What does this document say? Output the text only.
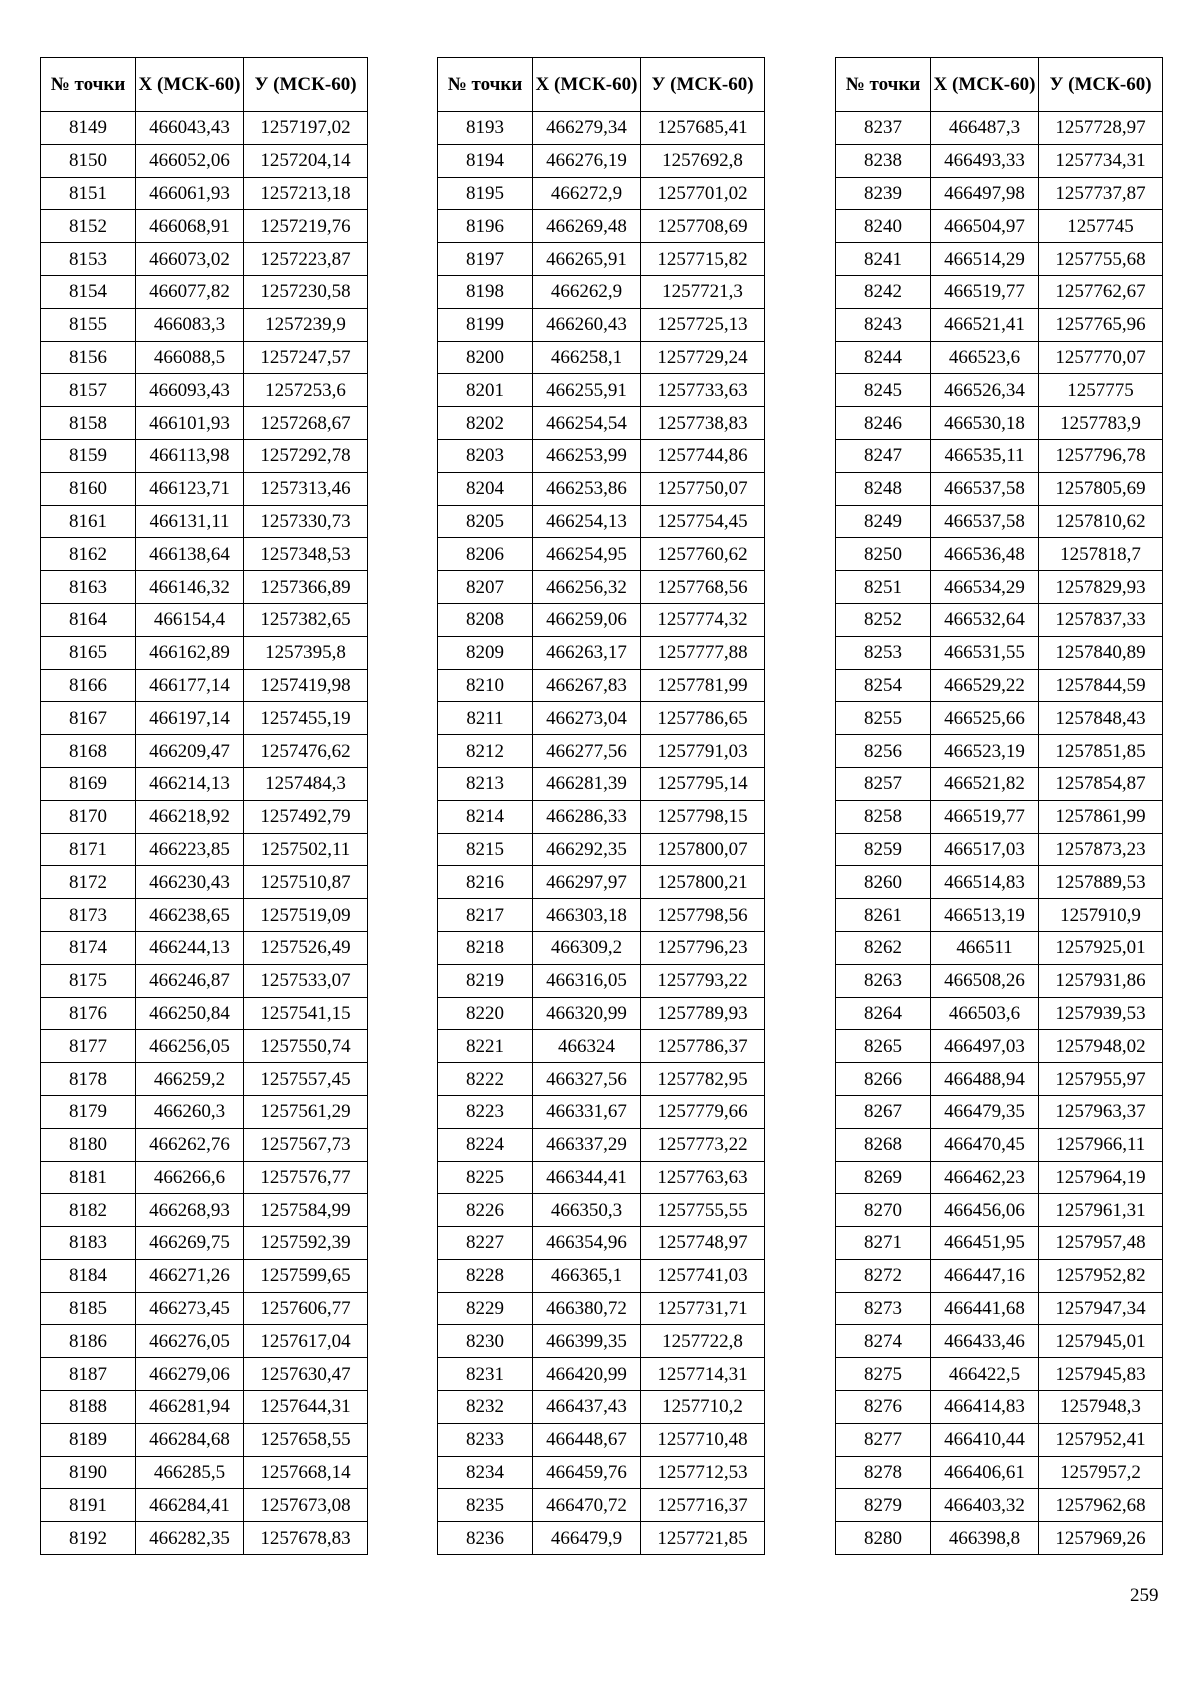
№ точки	X (МСК-60)	У (МСК-60)
8149	466043,43	1257197,02
8150	466052,06	1257204,14
8151	466061,93	1257213,18
8152	466068,91	1257219,76
8153	466073,02	1257223,87
8154	466077,82	1257230,58
8155	466083,3	1257239,9
8156	466088,5	1257247,57
8157	466093,43	1257253,6
8158	466101,93	1257268,67
8159	466113,98	1257292,78
8160	466123,71	1257313,46
8161	466131,11	1257330,73
8162	466138,64	1257348,53
8163	466146,32	1257366,89
8164	466154,4	1257382,65
8165	466162,89	1257395,8
8166	466177,14	1257419,98
8167	466197,14	1257455,19
8168	466209,47	1257476,62
8169	466214,13	1257484,3
8170	466218,92	1257492,79
8171	466223,85	1257502,11
8172	466230,43	1257510,87
8173	466238,65	1257519,09
8174	466244,13	1257526,49
8175	466246,87	1257533,07
8176	466250,84	1257541,15
8177	466256,05	1257550,74
8178	466259,2	1257557,45
8179	466260,3	1257561,29
8180	466262,76	1257567,73
8181	466266,6	1257576,77
8182	466268,93	1257584,99
8183	466269,75	1257592,39
8184	466271,26	1257599,65
8185	466273,45	1257606,77
8186	466276,05	1257617,04
8187	466279,06	1257630,47
8188	466281,94	1257644,31
8189	466284,68	1257658,55
8190	466285,5	1257668,14
8191	466284,41	1257673,08
8192	466282,35	1257678,83
№ точки	X (МСК-60)	У (МСК-60)
8193	466279,34	1257685,41
8194	466276,19	1257692,8
8195	466272,9	1257701,02
8196	466269,48	1257708,69
8197	466265,91	1257715,82
8198	466262,9	1257721,3
8199	466260,43	1257725,13
8200	466258,1	1257729,24
8201	466255,91	1257733,63
8202	466254,54	1257738,83
8203	466253,99	1257744,86
8204	466253,86	1257750,07
8205	466254,13	1257754,45
8206	466254,95	1257760,62
8207	466256,32	1257768,56
8208	466259,06	1257774,32
8209	466263,17	1257777,88
8210	466267,83	1257781,99
8211	466273,04	1257786,65
8212	466277,56	1257791,03
8213	466281,39	1257795,14
8214	466286,33	1257798,15
8215	466292,35	1257800,07
8216	466297,97	1257800,21
8217	466303,18	1257798,56
8218	466309,2	1257796,23
8219	466316,05	1257793,22
8220	466320,99	1257789,93
8221	466324	1257786,37
8222	466327,56	1257782,95
8223	466331,67	1257779,66
8224	466337,29	1257773,22
8225	466344,41	1257763,63
8226	466350,3	1257755,55
8227	466354,96	1257748,97
8228	466365,1	1257741,03
8229	466380,72	1257731,71
8230	466399,35	1257722,8
8231	466420,99	1257714,31
8232	466437,43	1257710,2
8233	466448,67	1257710,48
8234	466459,76	1257712,53
8235	466470,72	1257716,37
8236	466479,9	1257721,85
№ точки	X (МСК-60)	У (МСК-60)
8237	466487,3	1257728,97
8238	466493,33	1257734,31
8239	466497,98	1257737,87
8240	466504,97	1257745
8241	466514,29	1257755,68
8242	466519,77	1257762,67
8243	466521,41	1257765,96
8244	466523,6	1257770,07
8245	466526,34	1257775
8246	466530,18	1257783,9
8247	466535,11	1257796,78
8248	466537,58	1257805,69
8249	466537,58	1257810,62
8250	466536,48	1257818,7
8251	466534,29	1257829,93
8252	466532,64	1257837,33
8253	466531,55	1257840,89
8254	466529,22	1257844,59
8255	466525,66	1257848,43
8256	466523,19	1257851,85
8257	466521,82	1257854,87
8258	466519,77	1257861,99
8259	466517,03	1257873,23
8260	466514,83	1257889,53
8261	466513,19	1257910,9
8262	466511	1257925,01
8263	466508,26	1257931,86
8264	466503,6	1257939,53
8265	466497,03	1257948,02
8266	466488,94	1257955,97
8267	466479,35	1257963,37
8268	466470,45	1257966,11
8269	466462,23	1257964,19
8270	466456,06	1257961,31
8271	466451,95	1257957,48
8272	466447,16	1257952,82
8273	466441,68	1257947,34
8274	466433,46	1257945,01
8275	466422,5	1257945,83
8276	466414,83	1257948,3
8277	466410,44	1257952,41
8278	466406,61	1257957,2
8279	466403,32	1257962,68
8280	466398,8	1257969,26
259
